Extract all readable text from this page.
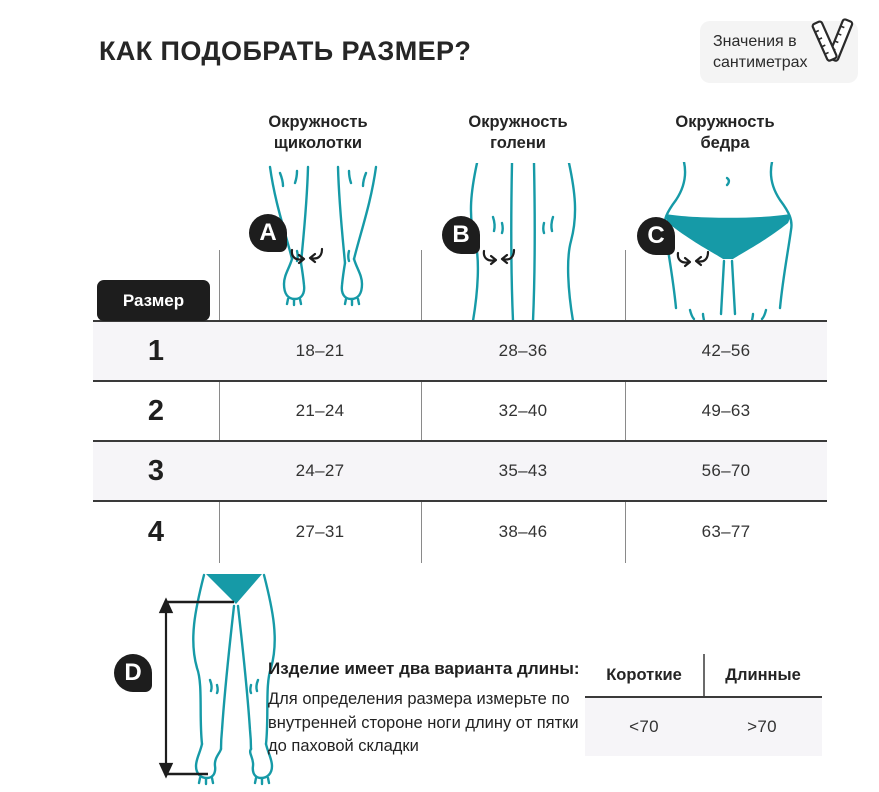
КАК ПОДОБРАТЬ РАЗМЕР?	Значения в
сантиметрах
Окружность
щиколотки
Окружность
голени
Окружность
бедра
A	B	C
Размер
1	18–21	28–36	42–56
2	21–24	32–40	49–63
3	24–27	35–43	56–70
4	27–31	38–46	63–77
D	Изделие имеет два варианта длины:
Для определения размера измерьте по внутренней стороне ноги длину от пятки до паховой складки
Короткие	Длинные
<70	>70
